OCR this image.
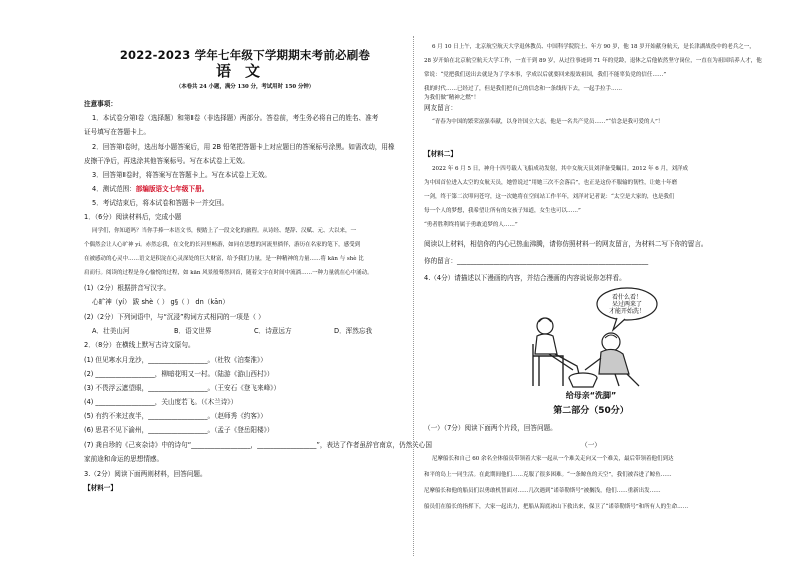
2022-2023 学年七年级下学期期末考前必刷卷
语文
（本卷共 24 小题，满分 130 分，考试用时 150 分钟）
注意事项：
1．本试卷分第Ⅰ卷（选择题）和第Ⅱ卷（非选择题）两部分。答卷前，考生务必将自己的姓名、准考
证号填写在答题卡上。
2．回答第Ⅰ卷时，选出每小题答案后，用 2B 铅笔把答题卡上对应题目的答案标号涂黑。如需改动，用橡
皮擦干净后，再选涂其他答案标号。写在本试卷上无效。
3．回答第Ⅱ卷时，将答案写在答题卡上。写在本试卷上无效。
4．测试范围：部编版语文七年级下册。
5．考试结束后，将本试卷和答题卡一并交回。
1．（6分）阅读材料后，完成小题
同学们，你知道吗？当你手捧一本语文书，便踏上了一段文化的旅程。从诗经、楚辞、汉赋、元、大以来，一
个偶然会让人心旷神 yí。赤然忘我，在文化的长河里畅游，如同在思想的河流里徜徉，游历在名家的笔下，感受到
在被感动的心灵中……语文是积淀在心灵深处的巨大财富，给予我们力量，是一种精神的力量……将 kān 与 shè 比
肩而行。阅读的过程是身心愉悦的过程，如 kān 风景般蓦然回首，随着文字在时间中流淌……一种力量就在心中涌动。
(1)（2分）根据拼音写汉字。
心旷神（yí） 跋 shè（ ） g§（ ） dn（kān）
(2)（2分）下列词语中，与“沉浸”构词方式相同的一项是（ ）
A．壮美山河	B．语文世界	C．诗意远方	D．浑然忘我
2．（8分）在横线上默写古诗文原句。
(1) 但见寒水月龙沙，__________________。（杜牧《泊秦淮》）
(2) __________________，柳暗花明又一村。（陆游《游山西村》）
(3) 不畏浮云遮望眼，__________________。（王安石《登飞来峰》）
(4) __________________，关山度若飞。（《木兰诗》）
(5) 有约不来过夜半，__________________。（赵师秀《约客》）
(6) 思君不见下渝州，__________________。（孟子《登岳阳楼》）
(7) 龚自珍的《己亥杂诗》中的诗句“__________________，__________________”，表达了作者虽辞官南京，仍然关心国
家前途和命运的思想情感。
3.（2分）阅读下面两则材料，回答问题。
【材料一】
6 月 10 日上午，北京航空航天大学退休教员、中国科学院院士、年方 90 岁，他 18 岁开始献身航天，是长津湖战役中的老兵之一，
28 岁开始在北京航空航天大学工作，一直干到 89 岁，从过往事迹到 71 年的党龄，退休之后他依然坚守岗位，一直在为祖国培养人才，他
常说：“党把我们送出去就是为了学本事，学成以后就要回来报效祖国，我们不能辜负党的信任……”
我的时代……已经过了，但是我们把自己的信念和一条线传下去，一起手拉手……
为我们做“精神之燃”！
网友留言：
“青春为中国的繁荣富强奉献，以身许国立大志，他是一名共产党员……”“信念是我可爱的人”！
【材料二】
2022 年 6 月 5 日，神舟十四号载人飞船成功发射，其中女航天员刘洋备受瞩目。2012 年 6 月，刘洋成
为中国首位进入太空的女航天员，她曾说过“用她三次不会落后”，也正是这份不服输的韧性，让她十年磨
一剑，终于第二次叩问苍穹，这一次她将在空间站工作半年，刘洋对记者说：“太空是大家的，也是我们
每一个人的梦想，我希望让所有的女孩子知道，女生也可以……”
“勇者胜利终将属于勇敢追梦的人……”
阅读以上材料，相信你的内心已热血沸腾，请你仿照材料一的网友留言，为材料二写下你的留言。
你的留言：__________________________________________________________
4.（4分）请描述以下漫画的内容，并结合漫画的内容说说你怎样看。
看什么看！
呆过两来了
才能开始洗！
给母亲“洗脚”
第二部分（50分）
（一）（7分）阅读下面两个片段，回答问题。
（一）
尼摩船长和自己 60 余名全体船员带领着大家一起从一个难关走向又一个难关，最后带领着他们到达
和平的岛上一同生活。在此期间他们……克服了很多困难。“一条鲸鱼的天空”，我们被吞进了鲸鱼……
尼摩船长和他的船员们以勇敢机智面对……几次遇到“诺蒂勒斯号”被搁浅，他们……重新出发……
船员们在船长的指挥下，大家一起出力，把船从海底冰山下救出来，保卫了“诺蒂勒斯号”和所有人的生命……
